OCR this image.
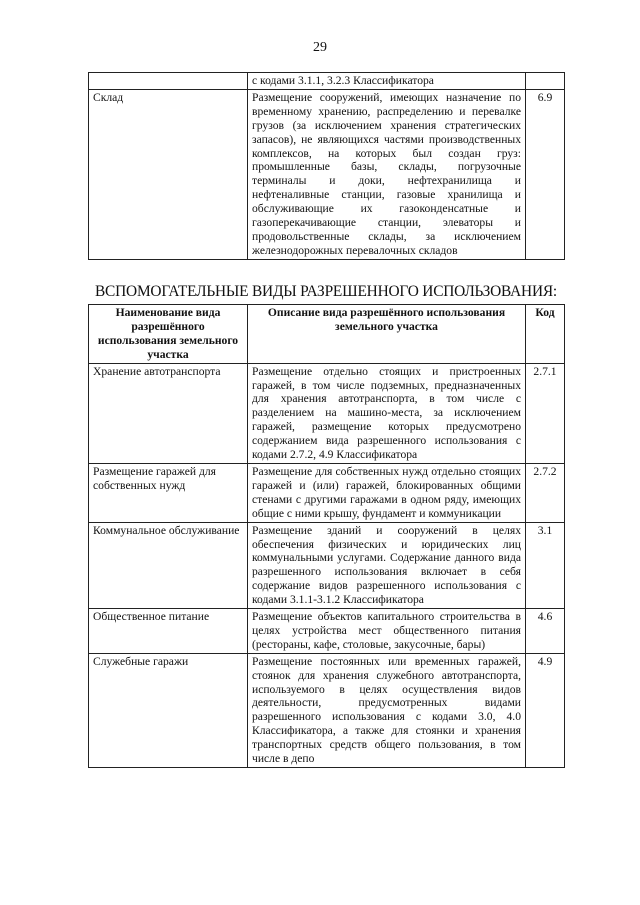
29
	с кодами 3.1.1, 3.2.3 Классификатора	
Склад	Размещение сооружений, имеющих назначение по временному хранению, распределению и перевалке грузов (за исключением хранения стратегических запасов), не являющихся частями производственных комплексов, на которых был создан груз: промышленные базы, склады, погрузочные терминалы и доки, нефтехранилища и нефтеналивные станции, газовые хранилища и обслуживающие их газоконденсатные и газоперекачивающие станции, элеваторы и продовольственные склады, за исключением железнодорожных перевалочных складов	6.9
ВСПОМОГАТЕЛЬНЫЕ ВИДЫ РАЗРЕШЕННОГО ИСПОЛЬЗОВАНИЯ:
Наименование вида разрешённого использования земельного участка	Описание вида разрешённого использования земельного участка	Код
Хранение автотранспорта	Размещение отдельно стоящих и пристроенных гаражей, в том числе подземных, предназначенных для хранения автотранспорта, в том числе с разделением на машино-места, за исключением гаражей, размещение которых предусмотрено содержанием вида разрешенного использования с кодами 2.7.2, 4.9 Классификатора	2.7.1
Размещение гаражей для собственных нужд	Размещение для собственных нужд отдельно стоящих гаражей и (или) гаражей, блокированных общими стенами с другими гаражами в одном ряду, имеющих общие с ними крышу, фундамент и коммуникации	2.7.2
Коммунальное обслуживание	Размещение зданий и сооружений в целях обеспечения физических и юридических лиц коммунальными услугами. Содержание данного вида разрешенного использования включает в себя содержание видов разрешенного использования с кодами 3.1.1-3.1.2 Классификатора	3.1
Общественное питание	Размещение объектов капитального строительства в целях устройства мест общественного питания (рестораны, кафе, столовые, закусочные, бары)	4.6
Служебные гаражи	Размещение постоянных или временных гаражей, стоянок для хранения служебного автотранспорта, используемого в целях осуществления видов деятельности, предусмотренных видами разрешенного использования с кодами 3.0, 4.0 Классификатора, а также для стоянки и хранения транспортных средств общего пользования, в том числе в депо	4.9
